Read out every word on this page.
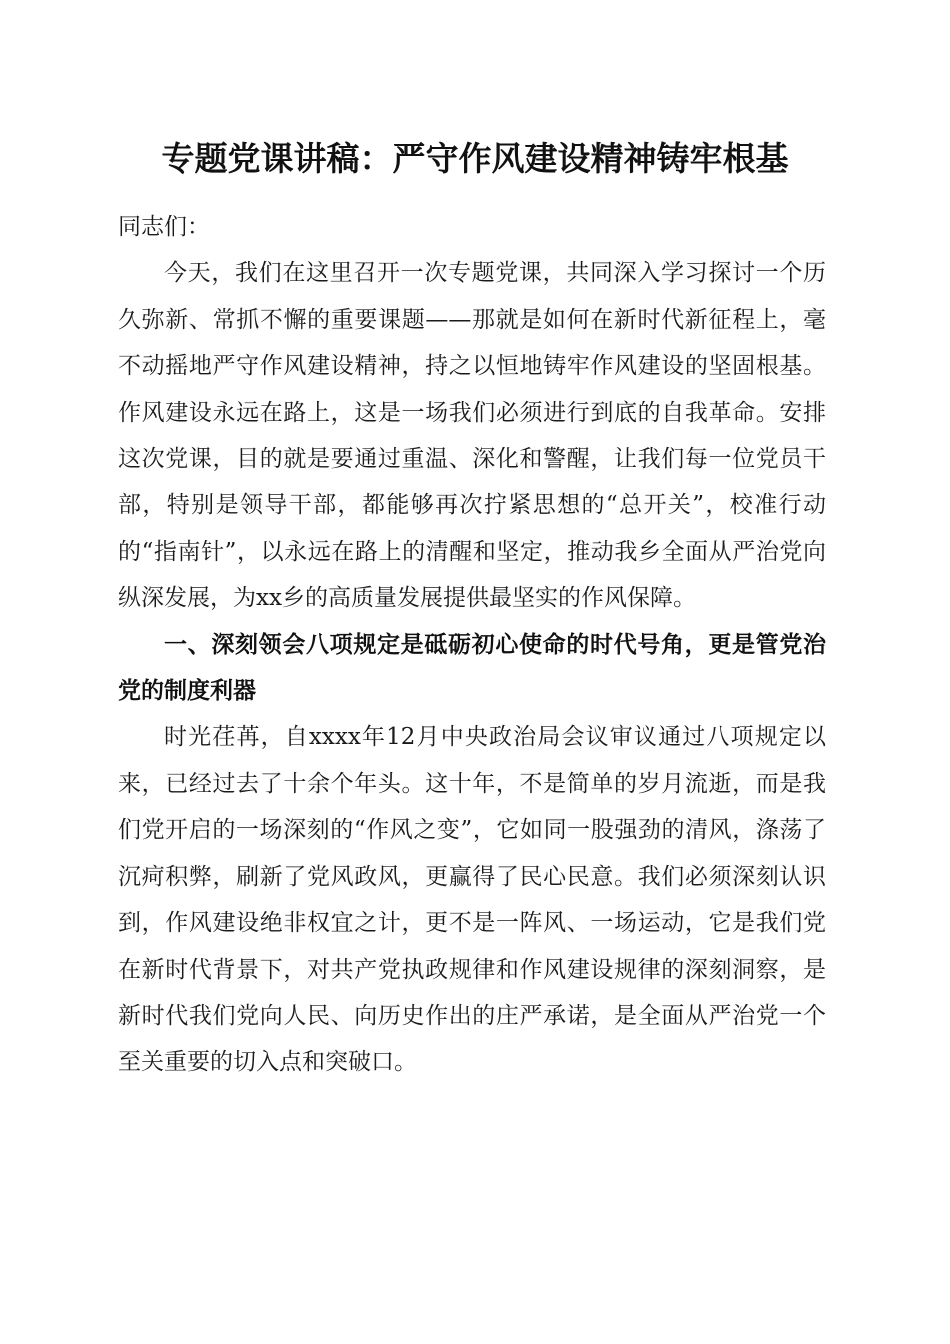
专题党课讲稿：严守作风建设精神铸牢根基

同志们：

今天，我们在这里召开一次专题党课，共同深入学习探讨一个历久弥新、常抓不懈的重要课题——那就是如何在新时代新征程上，毫不动摇地严守作风建设精神，持之以恒地铸牢作风建设的坚固根基。作风建设永远在路上，这是一场我们必须进行到底的自我革命。安排这次党课，目的就是要通过重温、深化和警醒，让我们每一位党员干部，特别是领导干部，都能够再次拧紧思想的“总开关”，校准行动的“指南针”，以永远在路上的清醒和坚定，推动我乡全面从严治党向纵深发展，为xx乡的高质量发展提供最坚实的作风保障。

一、深刻领会八项规定是砥砺初心使命的时代号角，更是管党治党的制度利器

时光荏苒，自xxxx年12月中央政治局会议审议通过八项规定以来，已经过去了十余个年头。这十年，不是简单的岁月流逝，而是我们党开启的一场深刻的“作风之变”，它如同一股强劲的清风，涤荡了沉疴积弊，刷新了党风政风，更赢得了民心民意。我们必须深刻认识到，作风建设绝非权宜之计，更不是一阵风、一场运动，它是我们党在新时代背景下，对共产党执政规律和作风建设规律的深刻洞察，是新时代我们党向人民、向历史作出的庄严承诺，是全面从严治党一个至关重要的切入点和突破口。
